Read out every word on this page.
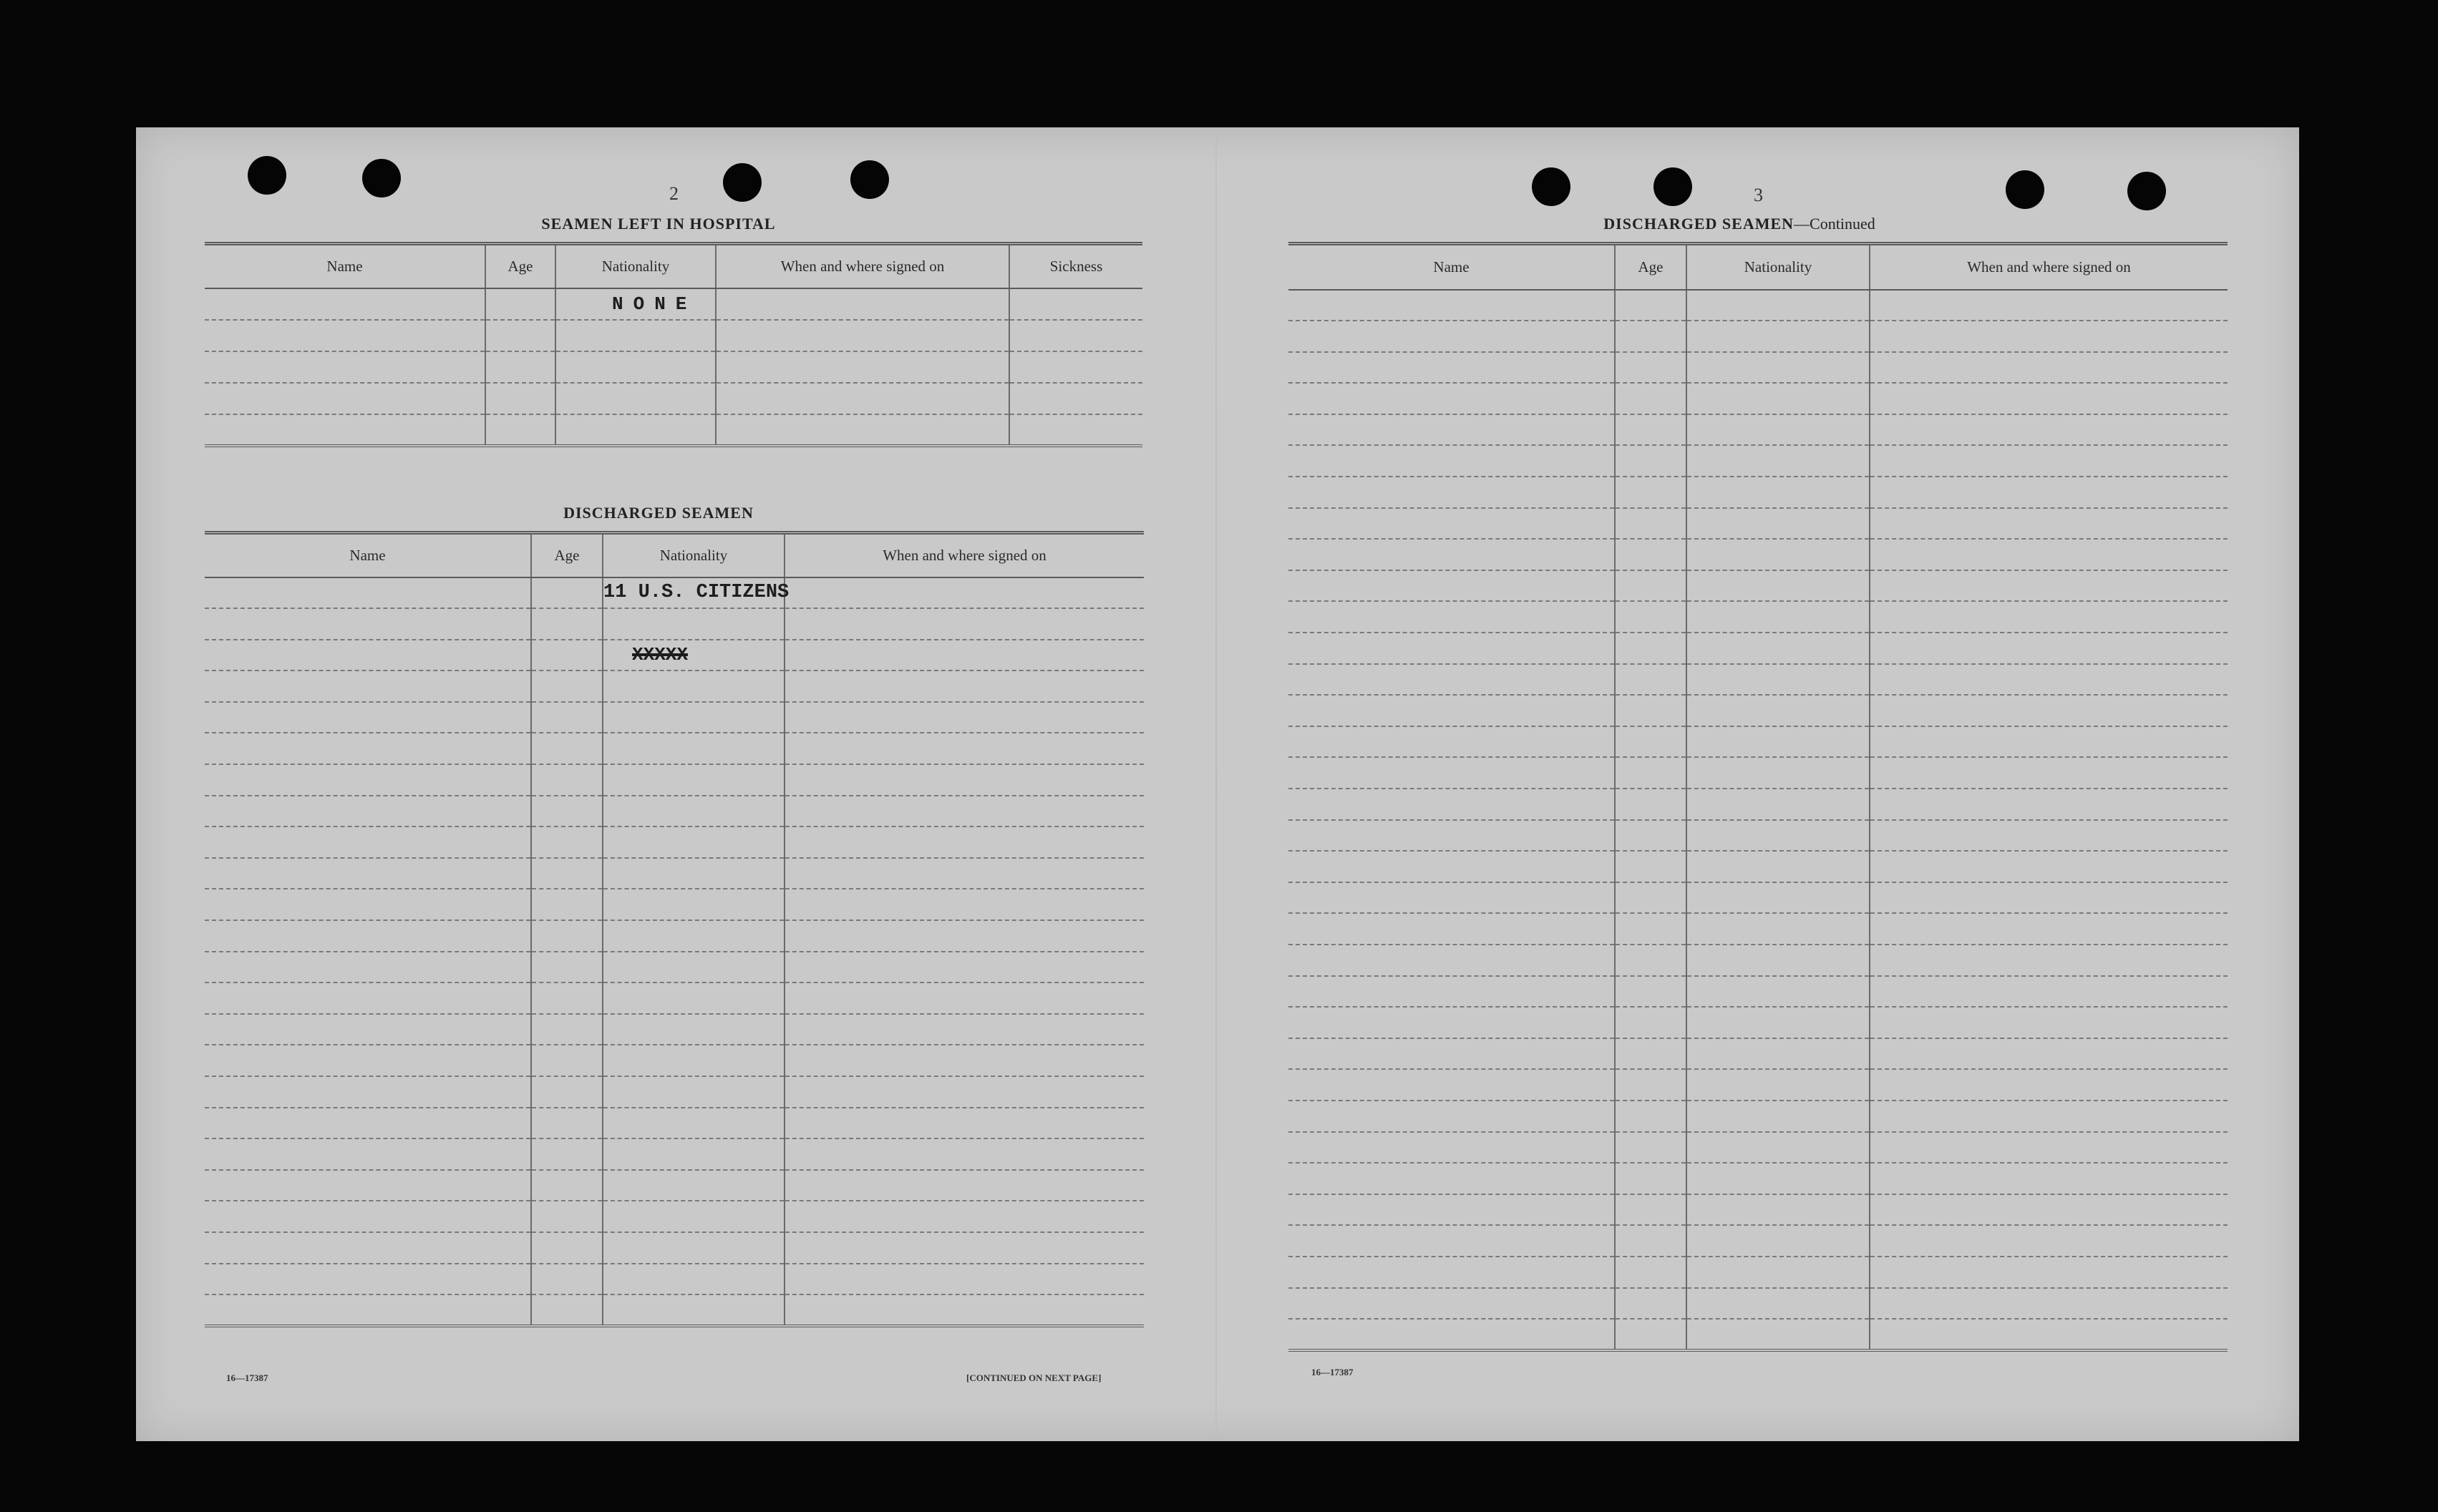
2
SEAMEN LEFT IN HOSPITAL
Name	Age	Nationality	When and where signed on	Sickness
		NONE		

DISCHARGED SEAMEN
Name	Age	Nationality	When and where signed on
		11 U.S. CITIZENS	

		XXXXX	

16—17387	[CONTINUED ON NEXT PAGE]
3
DISCHARGED SEAMEN—Continued
Name	Age	Nationality	When and where signed on

16—17387
